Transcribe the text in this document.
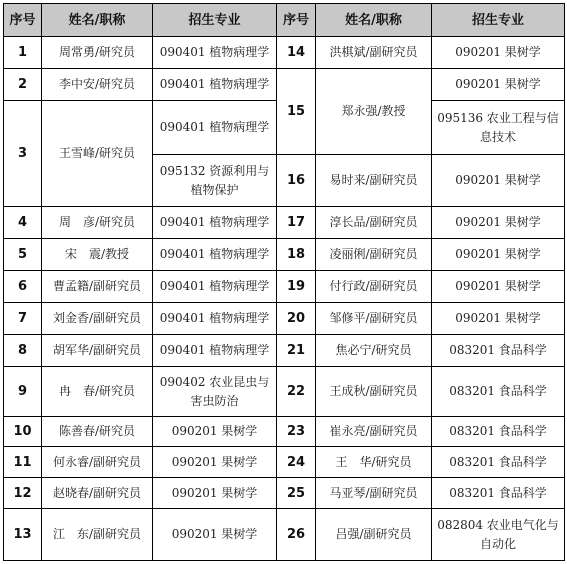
序号	姓名/职称	招生专业	序号	姓名/职称	招生专业
1	周常勇/研究员	090401 植物病理学	14	洪棋斌/副研究员	090201 果树学
2	李中安/研究员	090401 植物病理学	15	郑永强/教授	090201 果树学
3	王雪峰/研究员	090401 植物病理学			095136 农业工程与信息技术

		095132 资源利用与植物保护	16	易时来/副研究员	090201 果树学
4	周　彦/研究员	090401 植物病理学	17	淳长品/副研究员	090201 果树学
5	宋　震/教授	090401 植物病理学	18	凌丽俐/副研究员	090201 果树学
6	曹孟籍/副研究员	090401 植物病理学	19	付行政/副研究员	090201 果树学
7	刘金香/副研究员	090401 植物病理学	20	邹修平/副研究员	090201 果树学
8	胡军华/副研究员	090401 植物病理学	21	焦必宁/研究员	083201 食品科学
9	冉　春/研究员	090402 农业昆虫与害虫防治	22	王成秋/副研究员	083201 食品科学
10	陈善春/研究员	090201 果树学	23	崔永亮/副研究员	083201 食品科学
11	何永睿/副研究员	090201 果树学	24	王　华/研究员	083201 食品科学
12	赵晓春/副研究员	090201 果树学	25	马亚琴/副研究员	083201 食品科学
13	江　东/副研究员	090201 果树学	26	吕强/副研究员	082804 农业电气化与自动化
